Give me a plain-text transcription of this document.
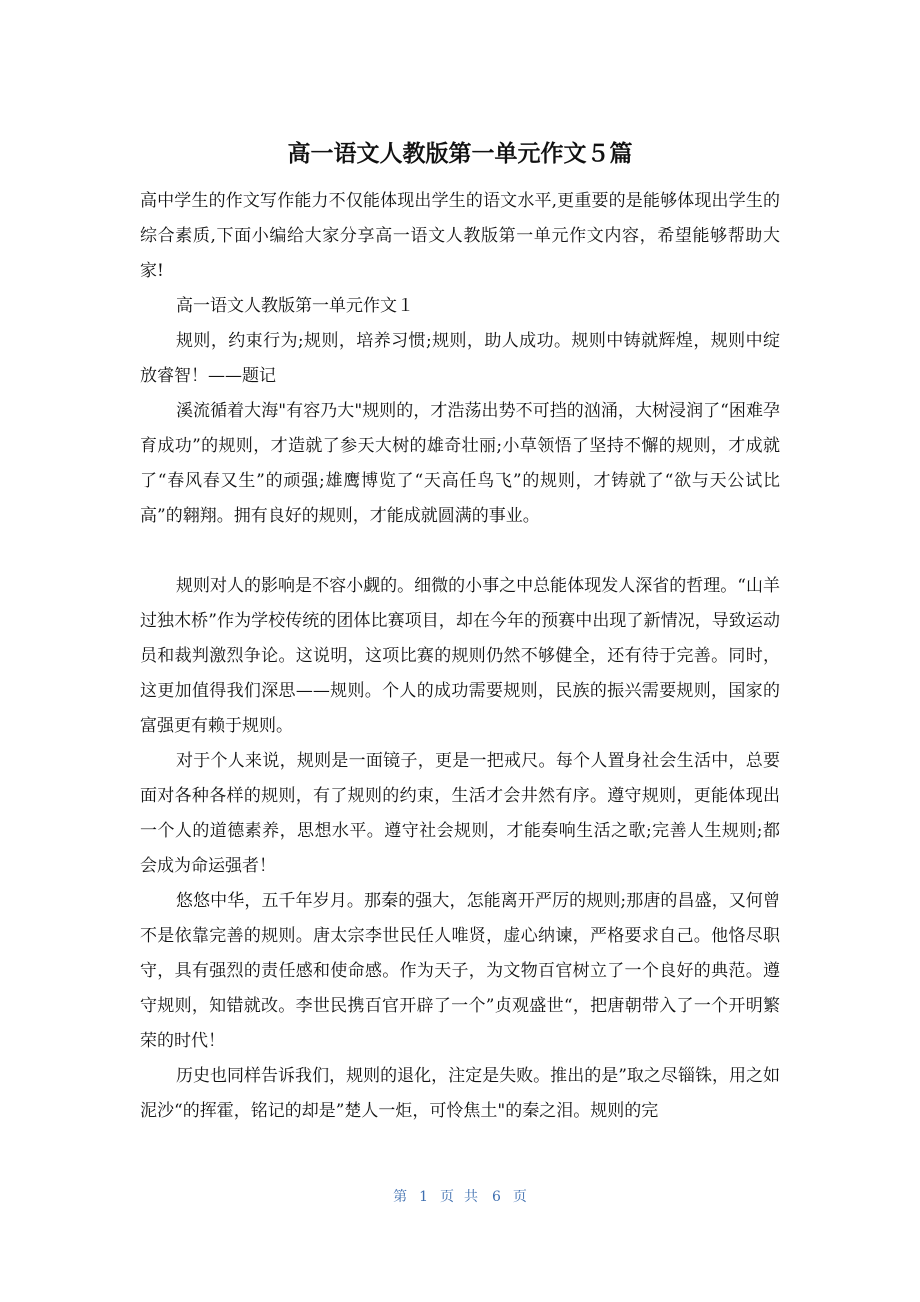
高一语文人教版第一单元作文５篇

高中学生的作文写作能力不仅能体现出学生的语文水平,更重要的是能够体现出学生的综合素质,下面小编给大家分享高一语文人教版第一单元作文内容，希望能够帮助大家!

高一语文人教版第一单元作文１

规则，约束行为;规则，培养习惯;规则，助人成功。规则中铸就辉煌，规则中绽放睿智！——题记

溪流循着大海"有容乃大"规则的，才浩荡出势不可挡的汹涌，大树浸润了“困难孕育成功”的规则，才造就了参天大树的雄奇壮丽;小草领悟了坚持不懈的规则，才成就了“春风春又生”的顽强;雄鹰博览了“天高任鸟飞”的规则，才铸就了“欲与天公试比高”的翱翔。拥有良好的规则，才能成就圆满的事业。

规则对人的影响是不容小觑的。细微的小事之中总能体现发人深省的哲理。“山羊过独木桥”作为学校传统的团体比赛项目，却在今年的预赛中出现了新情况，导致运动员和裁判激烈争论。这说明，这项比赛的规则仍然不够健全，还有待于完善。同时，这更加值得我们深思——规则。个人的成功需要规则，民族的振兴需要规则，国家的富强更有赖于规则。

对于个人来说，规则是一面镜子，更是一把戒尺。每个人置身社会生活中，总要面对各种各样的规则，有了规则的约束，生活才会井然有序。遵守规则，更能体现出一个人的道德素养，思想水平。遵守社会规则，才能奏响生活之歌;完善人生规则;都会成为命运强者！

悠悠中华，五千年岁月。那秦的强大，怎能离开严厉的规则;那唐的昌盛，又何曾不是依靠完善的规则。唐太宗李世民任人唯贤，虚心纳谏，严格要求自己。他恪尽职守，具有强烈的责任感和使命感。作为天子，为文物百官树立了一个良好的典范。遵守规则，知错就改。李世民携百官开辟了一个”贞观盛世“，把唐朝带入了一个开明繁荣的时代！

历史也同样告诉我们，规则的退化，注定是失败。推出的是”取之尽锱铢，用之如泥沙“的挥霍，铭记的却是”楚人一炬，可怜焦土"的秦之泪。规则的完

第 1 页共 6 页
